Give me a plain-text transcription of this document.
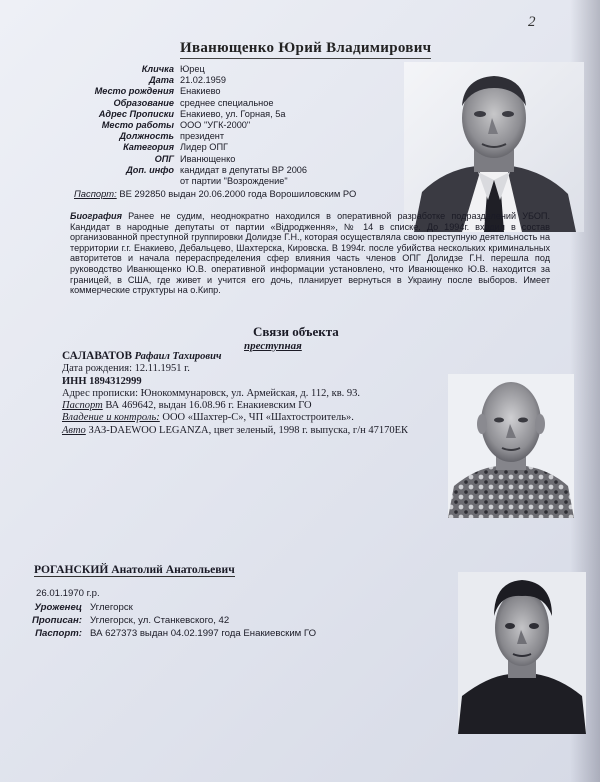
2
Иванющенко Юрий Владимирович
Кличка Юрец
Дата 21.02.1959
Место рождения Енакиево
Образование среднее специальное
Адрес Прописки Енакиево, ул. Горная, 5а
Место работы ООО "УГК-2000"
Должность президент
Категория Лидер ОПГ
ОПГ Иванющенко
Доп. инфо кандидат в депутаты ВР 2006
от партии "Возрождение"
Паспорт: ВЕ 292850 выдан 20.06.2000 года Ворошиловским РО
Биография Ранее не судим, неоднократно находился в оперативной разработке подразделений УБОП. Кандидат в народные депутаты от партии «Відродження», № 14 в списке. До 1994г. входил в состав организованной преступной группировки Долидзе Г.Н., которая осуществляла свою преступную деятельность на территории г.г. Енакиево, Дебальцево, Шахтерска, Кировска. В 1994г. после убийства нескольких криминальных авторитетов и начала перераспределения сфер влияния часть членов ОПГ Долидзе Г.Н. перешла под руководство Иванющенко Ю.В. оперативной информации установлено, что Иванющенко Ю.В. находится за границей, в США, где живет и учится его дочь, планирует вернуться в Украину после выборов. Имеет коммерческие структуры на о.Кипр.
Связи объекта
преступная
САЛАВАТОВ Рафаил Тахирович
Дата рождения: 12.11.1951 г.
ИНН 1894312999
Адрес прописки: Юнокоммунаровск, ул. Армейская, д. 112, кв. 93.
Паспорт ВА 469642, выдан 16.08.96 г. Енакиевским ГО
Владение и контроль: ООО «Шахтер-С», ЧП «Шахтостроитель».
Авто ЗАЗ-DAEWOO LEGANZA, цвет зеленый, 1998 г. выпуска, г/н 47170ЕК
РОГАНСКИЙ Анатолий Анатольевич
26.01.1970 г.р.
Уроженец Углегорск
Прописан: Углегорск, ул. Станкевского, 42
Паспорт: ВА 627373 выдан 04.02.1997 года Енакиевским ГО
